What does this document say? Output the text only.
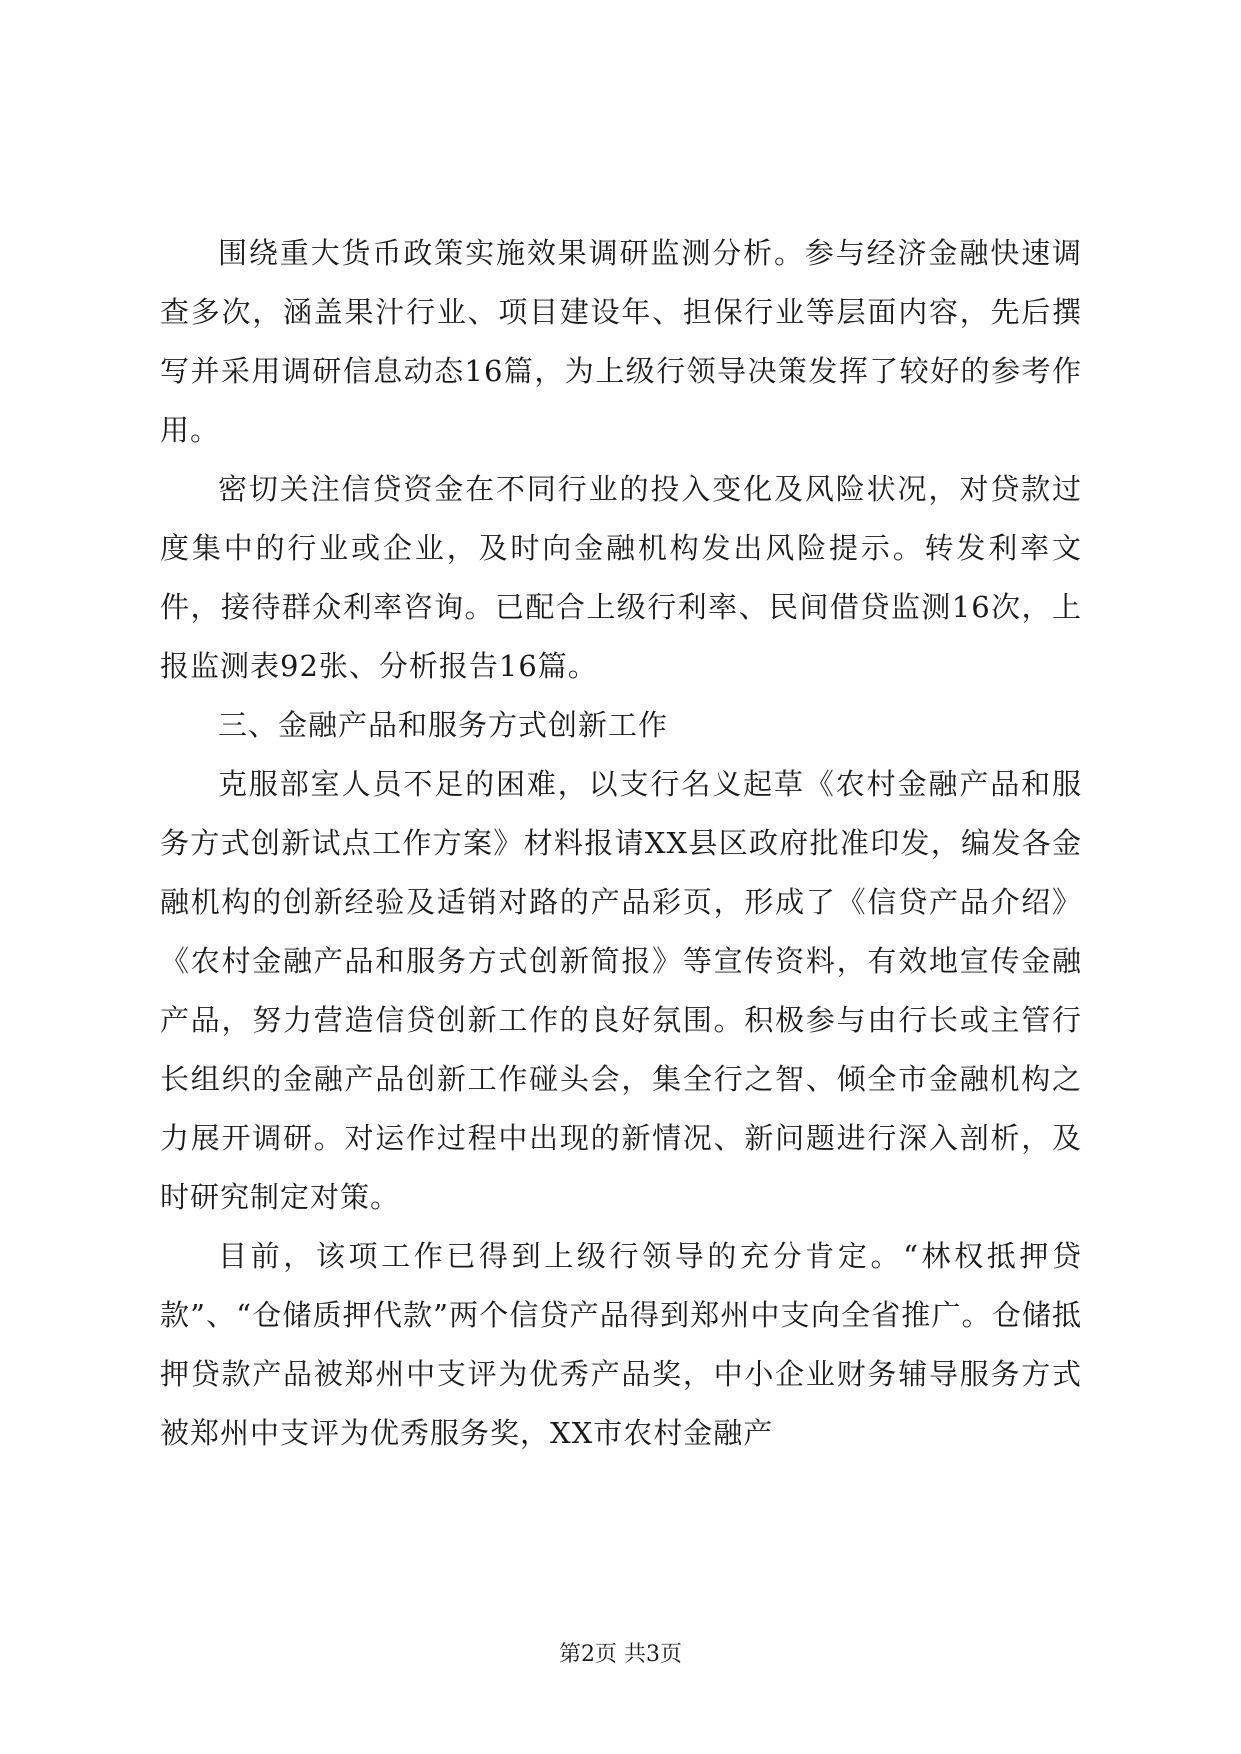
围绕重大货币政策实施效果调研监测分析。参与经济金融快速调查多次，涵盖果汁行业、项目建设年、担保行业等层面内容，先后撰写并采用调研信息动态16篇，为上级行领导决策发挥了较好的参考作用。

密切关注信贷资金在不同行业的投入变化及风险状况，对贷款过度集中的行业或企业，及时向金融机构发出风险提示。转发利率文件，接待群众利率咨询。已配合上级行利率、民间借贷监测16次，上报监测表92张、分析报告16篇。

三、金融产品和服务方式创新工作

克服部室人员不足的困难，以支行名义起草《农村金融产品和服务方式创新试点工作方案》材料报请XX县区政府批准印发，编发各金融机构的创新经验及适销对路的产品彩页，形成了《信贷产品介绍》《农村金融产品和服务方式创新简报》等宣传资料，有效地宣传金融产品，努力营造信贷创新工作的良好氛围。积极参与由行长或主管行长组织的金融产品创新工作碰头会，集全行之智、倾全市金融机构之力展开调研。对运作过程中出现的新情况、新问题进行深入剖析，及时研究制定对策。

目前，该项工作已得到上级行领导的充分肯定。“林权抵押贷款”、“仓储质押代款”两个信贷产品得到郑州中支向全省推广。仓储抵押贷款产品被郑州中支评为优秀产品奖，中小企业财务辅导服务方式被郑州中支评为优秀服务奖，XX市农村金融产

第2页 共3页
